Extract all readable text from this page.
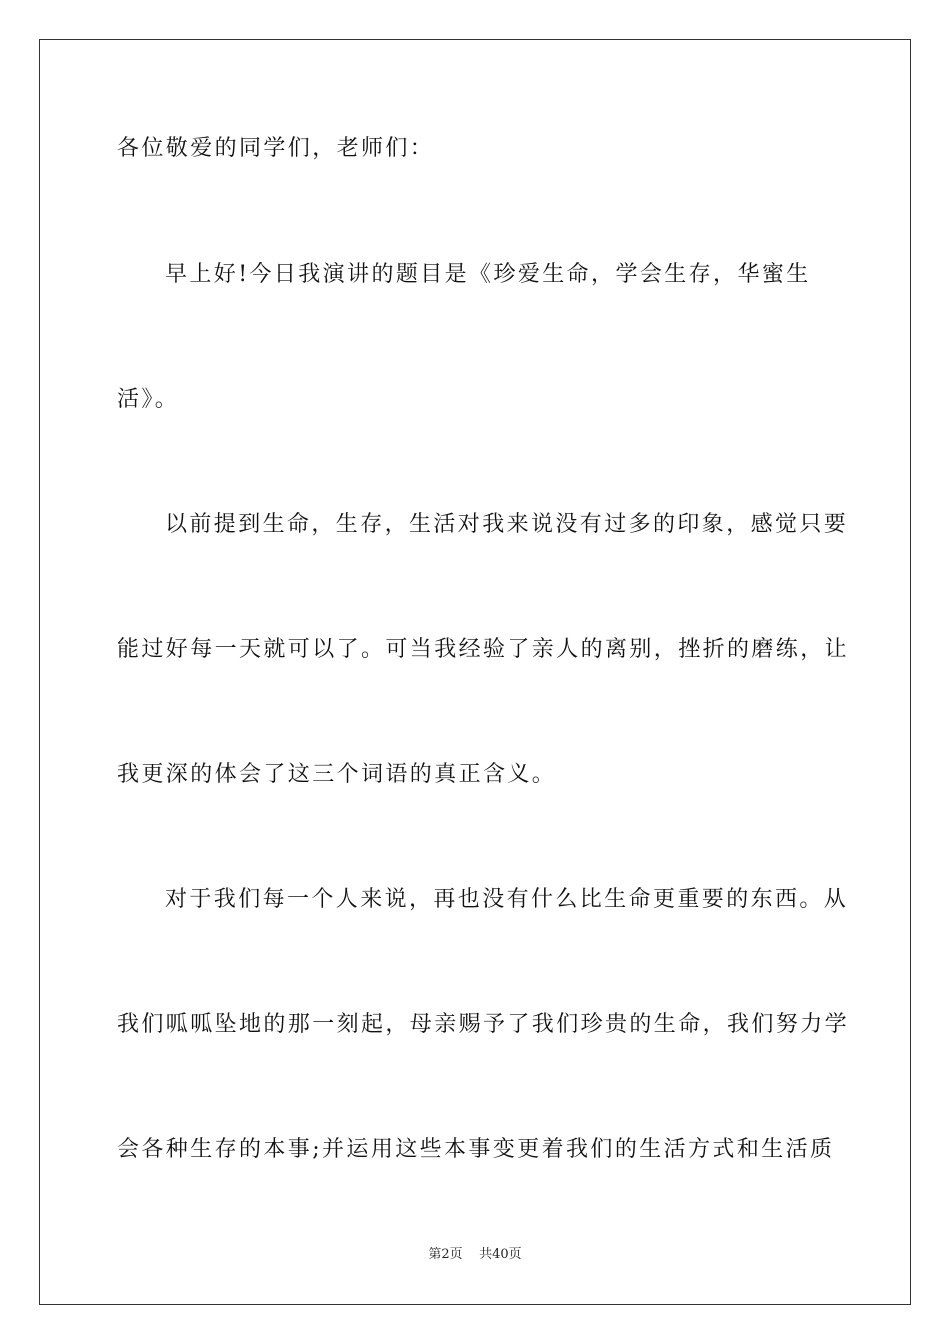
各位敬爱的同学们，老师们：
早上好!今日我演讲的题目是《珍爱生命，学会生存，华蜜生
活》。
以前提到生命，生存，生活对我来说没有过多的印象，感觉只要
能过好每一天就可以了。可当我经验了亲人的离别，挫折的磨练，让
我更深的体会了这三个词语的真正含义。
对于我们每一个人来说，再也没有什么比生命更重要的东西。从
我们呱呱坠地的那一刻起，母亲赐予了我们珍贵的生命，我们努力学
会各种生存的本事;并运用这些本事变更着我们的生活方式和生活质
第2页 共40页
